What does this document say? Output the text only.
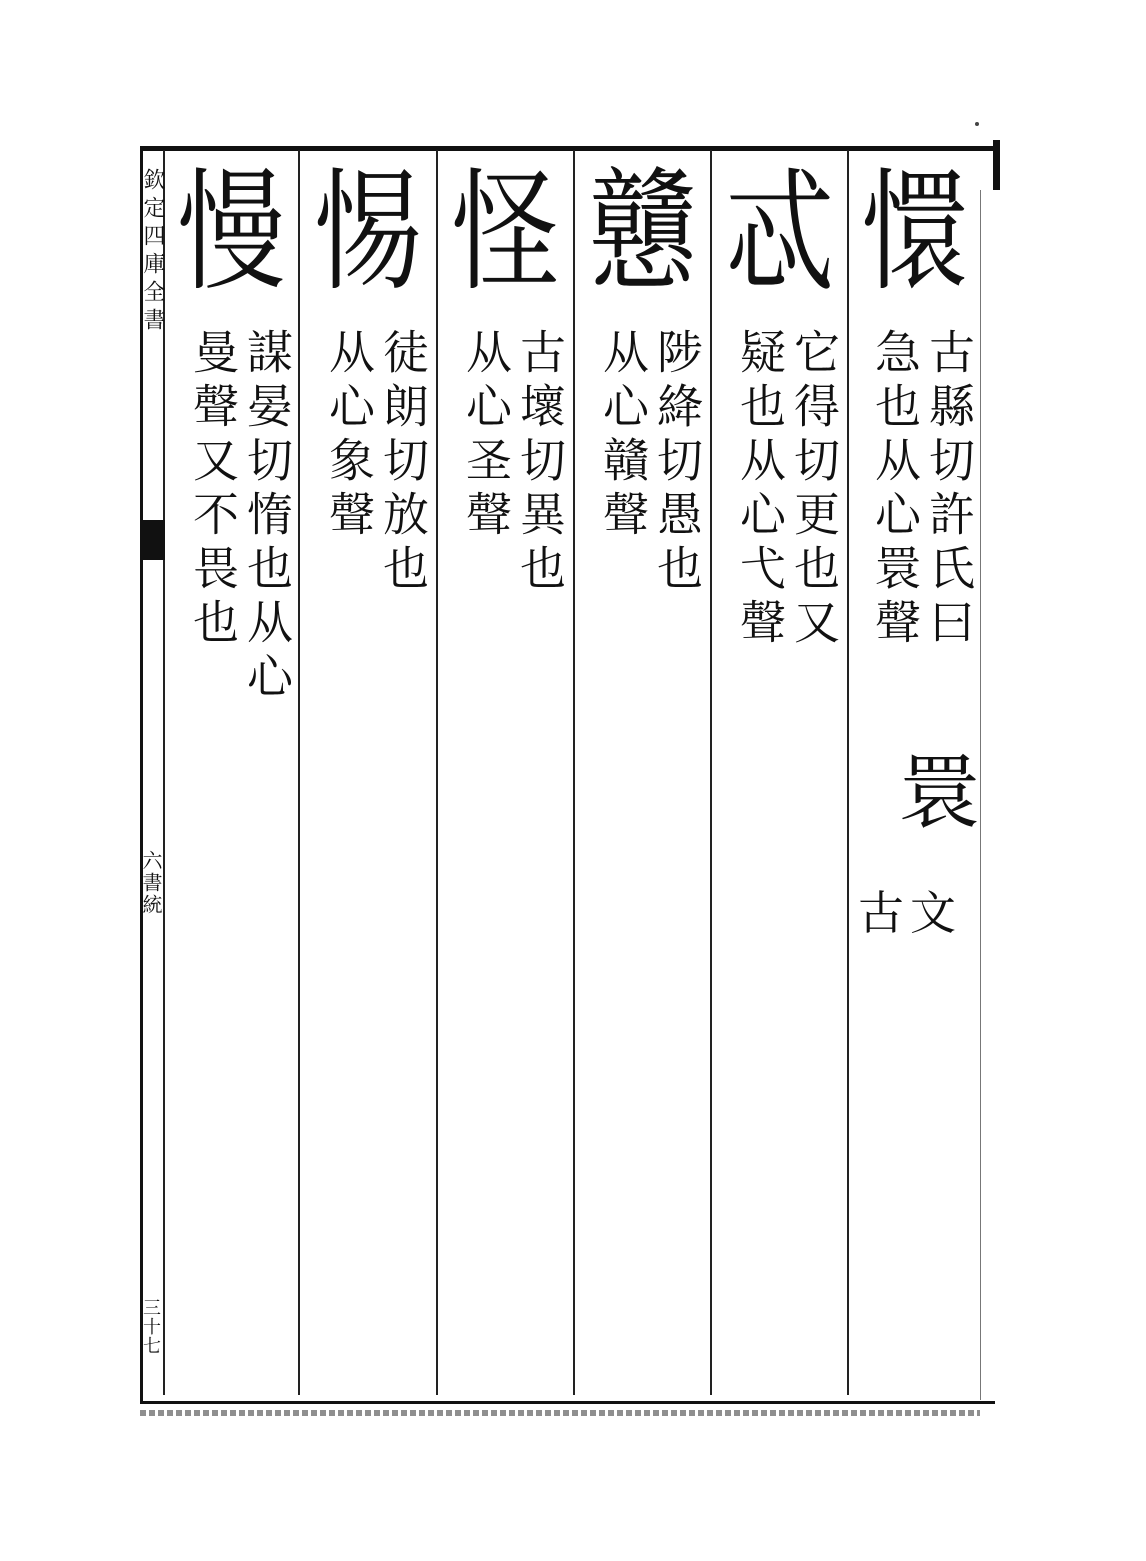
欽定四庫全書
六書統
三十七
懁
古縣切許氏曰
急也从心睘聲
睘
古文
忒
它得切更也又
疑也从心弋聲
戇
陟絳切愚也
从心贛聲
怪
古壞切異也
从心圣聲
惕
徒朗切放也
从心象聲
慢
謀晏切惰也从心
曼聲又不畏也
